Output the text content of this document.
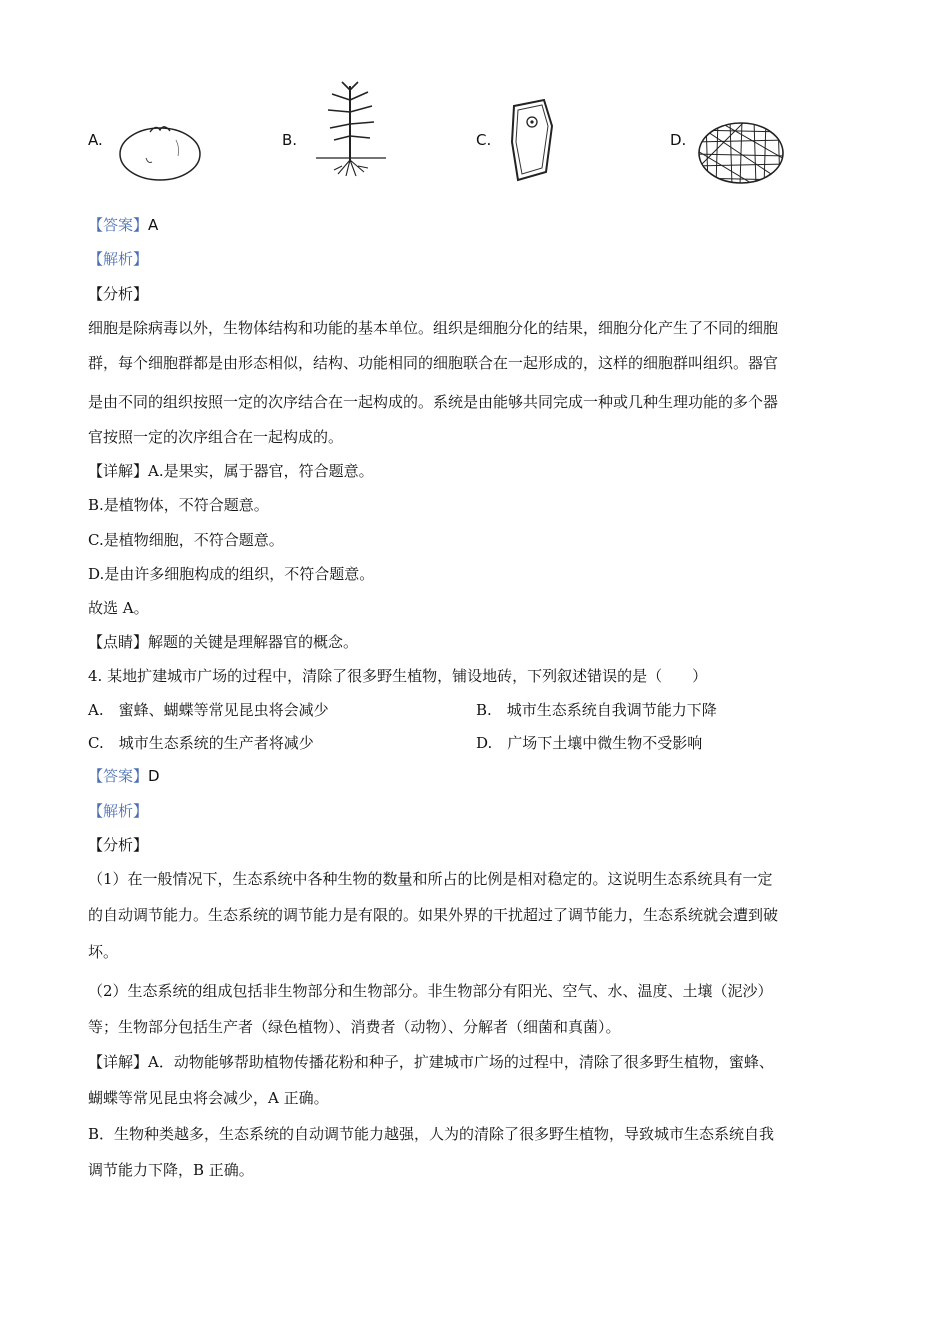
A.	B.	C.	D.
【答案】A
【解析】
【分析】
细胞是除病毒以外，生物体结构和功能的基本单位。组织是细胞分化的结果，细胞分化产生了不同的细胞
群，每个细胞群都是由形态相似，结构、功能相同的细胞联合在一起形成的，这样的细胞群叫组织。器官
是由不同的组织按照一定的次序结合在一起构成的。系统是由能够共同完成一种或几种生理功能的多个器
官按照一定的次序组合在一起构成的。
【详解】A.是果实，属于器官，符合题意。
B.是植物体，不符合题意。
C.是植物细胞，不符合题意。
D.是由许多细胞构成的组织，不符合题意。
故选 A。
【点睛】解题的关键是理解器官的概念。
4. 某地扩建城市广场的过程中，清除了很多野生植物，铺设地砖，下列叙述错误的是（　　）
A.　蜜蜂、蝴蝶等常见昆虫将会减少	B.　城市生态系统自我调节能力下降
C.　城市生态系统的生产者将减少	D.　广场下土壤中微生物不受影响
【答案】D
【解析】
【分析】
（1）在一般情况下，生态系统中各种生物的数量和所占的比例是相对稳定的。这说明生态系统具有一定
的自动调节能力。生态系统的调节能力是有限的。如果外界的干扰超过了调节能力，生态系统就会遭到破
坏。
（2）生态系统的组成包括非生物部分和生物部分。非生物部分有阳光、空气、水、温度、土壤（泥沙）
等；生物部分包括生产者（绿色植物）、消费者（动物）、分解者（细菌和真菌）。
【详解】A．动物能够帮助植物传播花粉和种子，扩建城市广场的过程中，清除了很多野生植物，蜜蜂、
蝴蝶等常见昆虫将会减少，A 正确。
B．生物种类越多，生态系统的自动调节能力越强，人为的清除了很多野生植物，导致城市生态系统自我
调节能力下降，B 正确。
